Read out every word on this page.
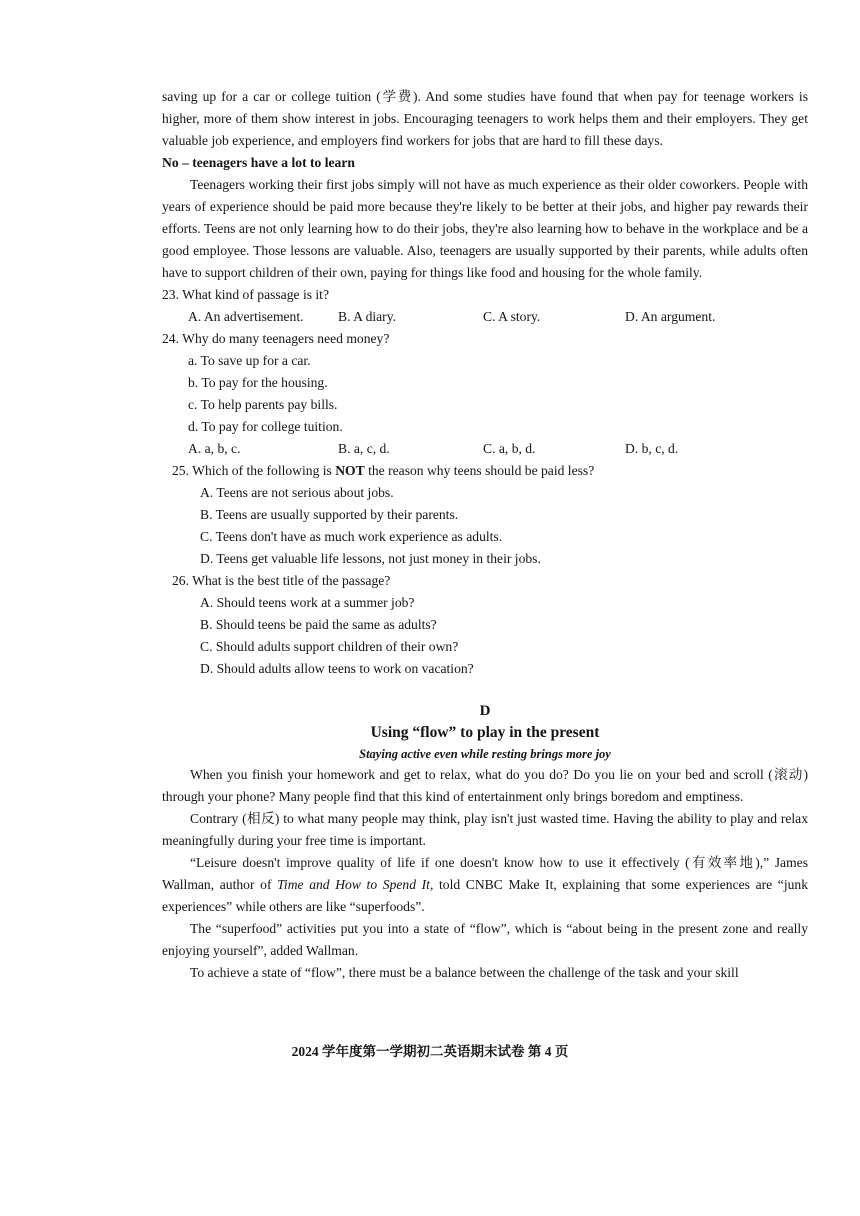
saving up for a car or college tuition (学费). And some studies have found that when pay for teenage workers is higher, more of them show interest in jobs. Encouraging teenagers to work helps them and their employers. They get valuable job experience, and employers find workers for jobs that are hard to fill these days.

No – teenagers have a lot to learn

Teenagers working their first jobs simply will not have as much experience as their older coworkers. People with years of experience should be paid more because they're likely to be better at their jobs, and higher pay rewards their efforts. Teens are not only learning how to do their jobs, they're also learning how to behave in the workplace and be a good employee. Those lessons are valuable. Also, teenagers are usually supported by their parents, while adults often have to support children of their own, paying for things like food and housing for the whole family.

23. What kind of passage is it?

A. An advertisement.	B. A diary.	C. A story.	D. An argument.

24. Why do many teenagers need money?

a. To save up for a car.

b. To pay for the housing.

c. To help parents pay bills.

d. To pay for college tuition.

A. a, b, c.	B. a, c, d.	C. a, b, d.	D. b, c, d.

25. Which of the following is NOT the reason why teens should be paid less?

A. Teens are not serious about jobs.

B. Teens are usually supported by their parents.

C. Teens don't have as much work experience as adults.

D. Teens get valuable life lessons, not just money in their jobs.

26. What is the best title of the passage?

A. Should teens work at a summer job?

B. Should teens be paid the same as adults?

C. Should adults support children of their own?

D. Should adults allow teens to work on vacation?

D
Using “flow” to play in the present
Staying active even while resting brings more joy

When you finish your homework and get to relax, what do you do? Do you lie on your bed and scroll (滚动) through your phone? Many people find that this kind of entertainment only brings boredom and emptiness.

Contrary (相反) to what many people may think, play isn't just wasted time. Having the ability to play and relax meaningfully during your free time is important.

“Leisure doesn't improve quality of life if one doesn't know how to use it effectively (有效率地),” James Wallman, author of Time and How to Spend It, told CNBC Make It, explaining that some experiences are “junk experiences” while others are like “superfoods”.

The “superfood” activities put you into a state of “flow”, which is “about being in the present zone and really enjoying yourself”, added Wallman.

To achieve a state of “flow”, there must be a balance between the challenge of the task and your skill

2024 学年度第一学期初二英语期末试卷 第 4 页
